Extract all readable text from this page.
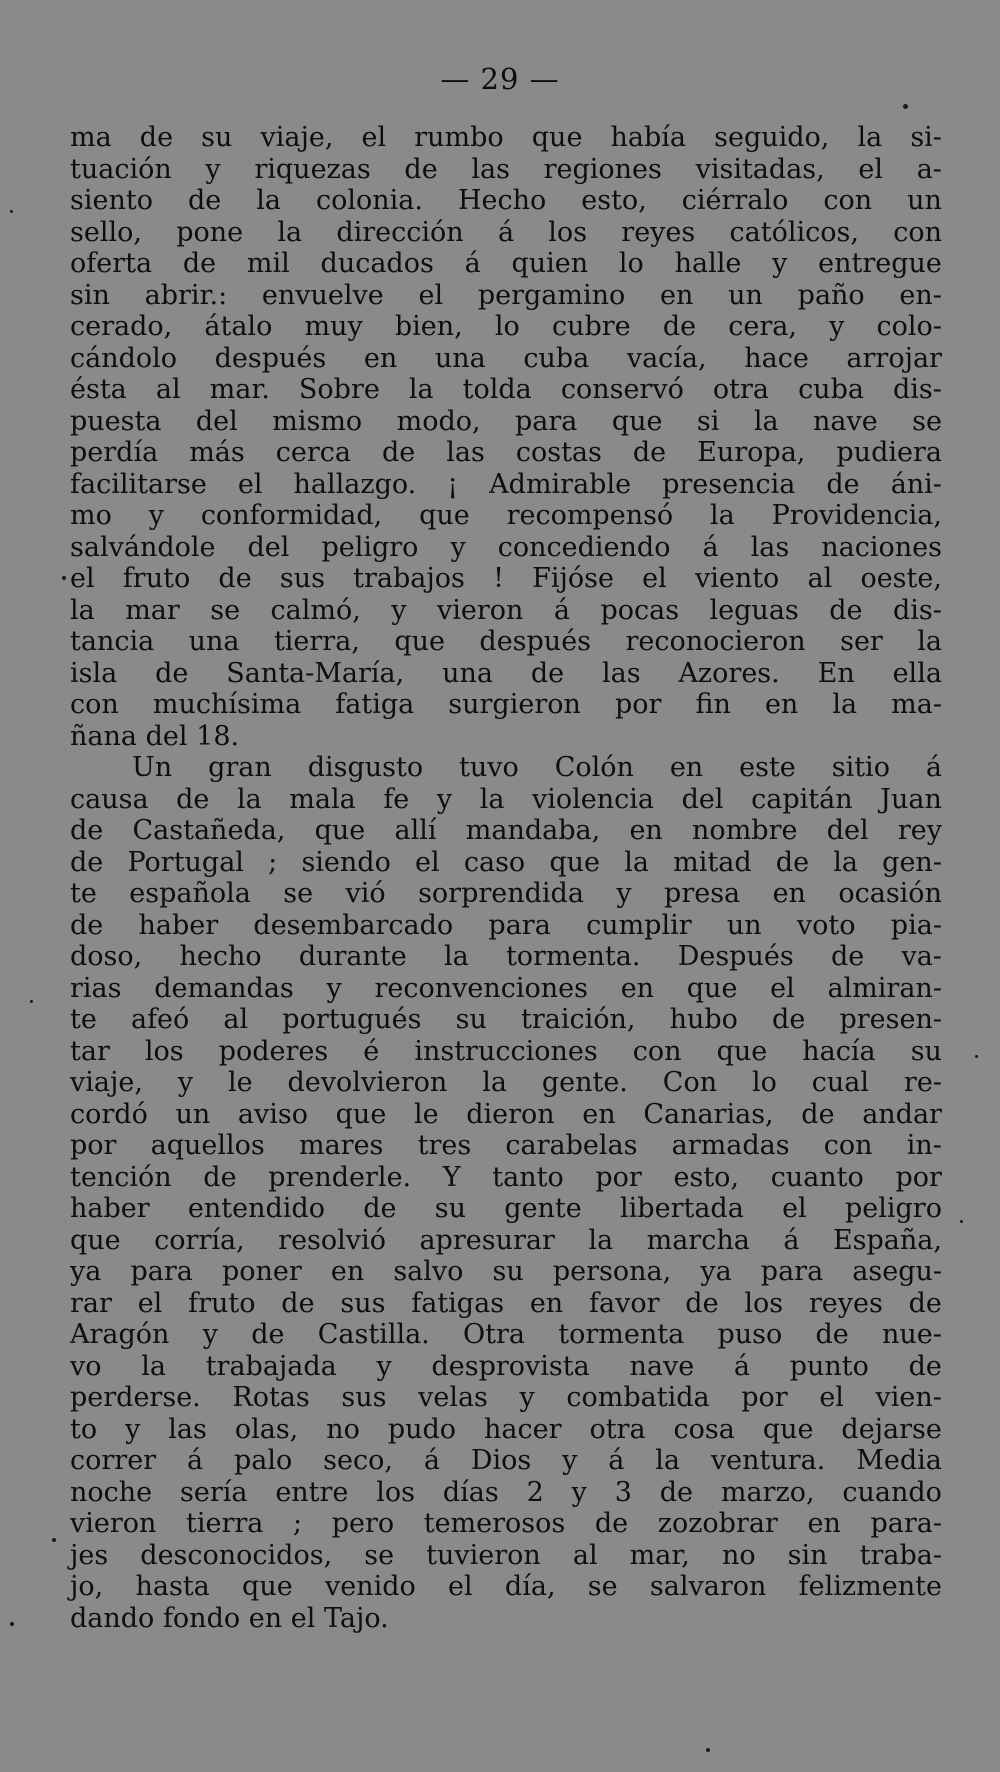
— 29 —
ma de su viaje, el rumbo que había seguido, la si-
tuación y riquezas de las regiones visitadas, el a-
siento de la colonia. Hecho esto, ciérralo con un
sello, pone la dirección á los reyes católicos, con
oferta de mil ducados á quien lo halle y entregue
sin abrir.: envuelve el pergamino en un paño en-
cerado, átalo muy bien, lo cubre de cera, y colo-
cándolo después en una cuba vacía, hace arrojar
ésta al mar. Sobre la tolda conservó otra cuba dis-
puesta del mismo modo, para que si la nave se
perdía más cerca de las costas de Europa, pudiera
facilitarse el hallazgo. ¡ Admirable presencia de áni-
mo y conformidad, que recompensó la Providencia,
salvándole del peligro y concediendo á las naciones
el fruto de sus trabajos ! Fijóse el viento al oeste,
la mar se calmó, y vieron á pocas leguas de dis-
tancia una tierra, que después reconocieron ser la
isla de Santa-María, una de las Azores. En ella
con muchísima fatiga surgieron por fin en la ma-
ñana del 18.
Un gran disgusto tuvo Colón en este sitio á
causa de la mala fe y la violencia del capitán Juan
de Castañeda, que allí mandaba, en nombre del rey
de Portugal ; siendo el caso que la mitad de la gen-
te española se vió sorprendida y presa en ocasión
de haber desembarcado para cumplir un voto pia-
doso, hecho durante la tormenta. Después de va-
rias demandas y reconvenciones en que el almiran-
te afeó al portugués su traición, hubo de presen-
tar los poderes é instrucciones con que hacía su
viaje, y le devolvieron la gente. Con lo cual re-
cordó un aviso que le dieron en Canarias, de andar
por aquellos mares tres carabelas armadas con in-
tención de prenderle. Y tanto por esto, cuanto por
haber entendido de su gente libertada el peligro
que corría, resolvió apresurar la marcha á España,
ya para poner en salvo su persona, ya para asegu-
rar el fruto de sus fatigas en favor de los reyes de
Aragón y de Castilla. Otra tormenta puso de nue-
vo la trabajada y desprovista nave á punto de
perderse. Rotas sus velas y combatida por el vien-
to y las olas, no pudo hacer otra cosa que dejarse
correr á palo seco, á Dios y á la ventura. Media
noche sería entre los días 2 y 3 de marzo, cuando
vieron tierra ; pero temerosos de zozobrar en para-
jes desconocidos, se tuvieron al mar, no sin traba-
jo, hasta que venido el día, se salvaron felizmente
dando fondo en el Tajo.
